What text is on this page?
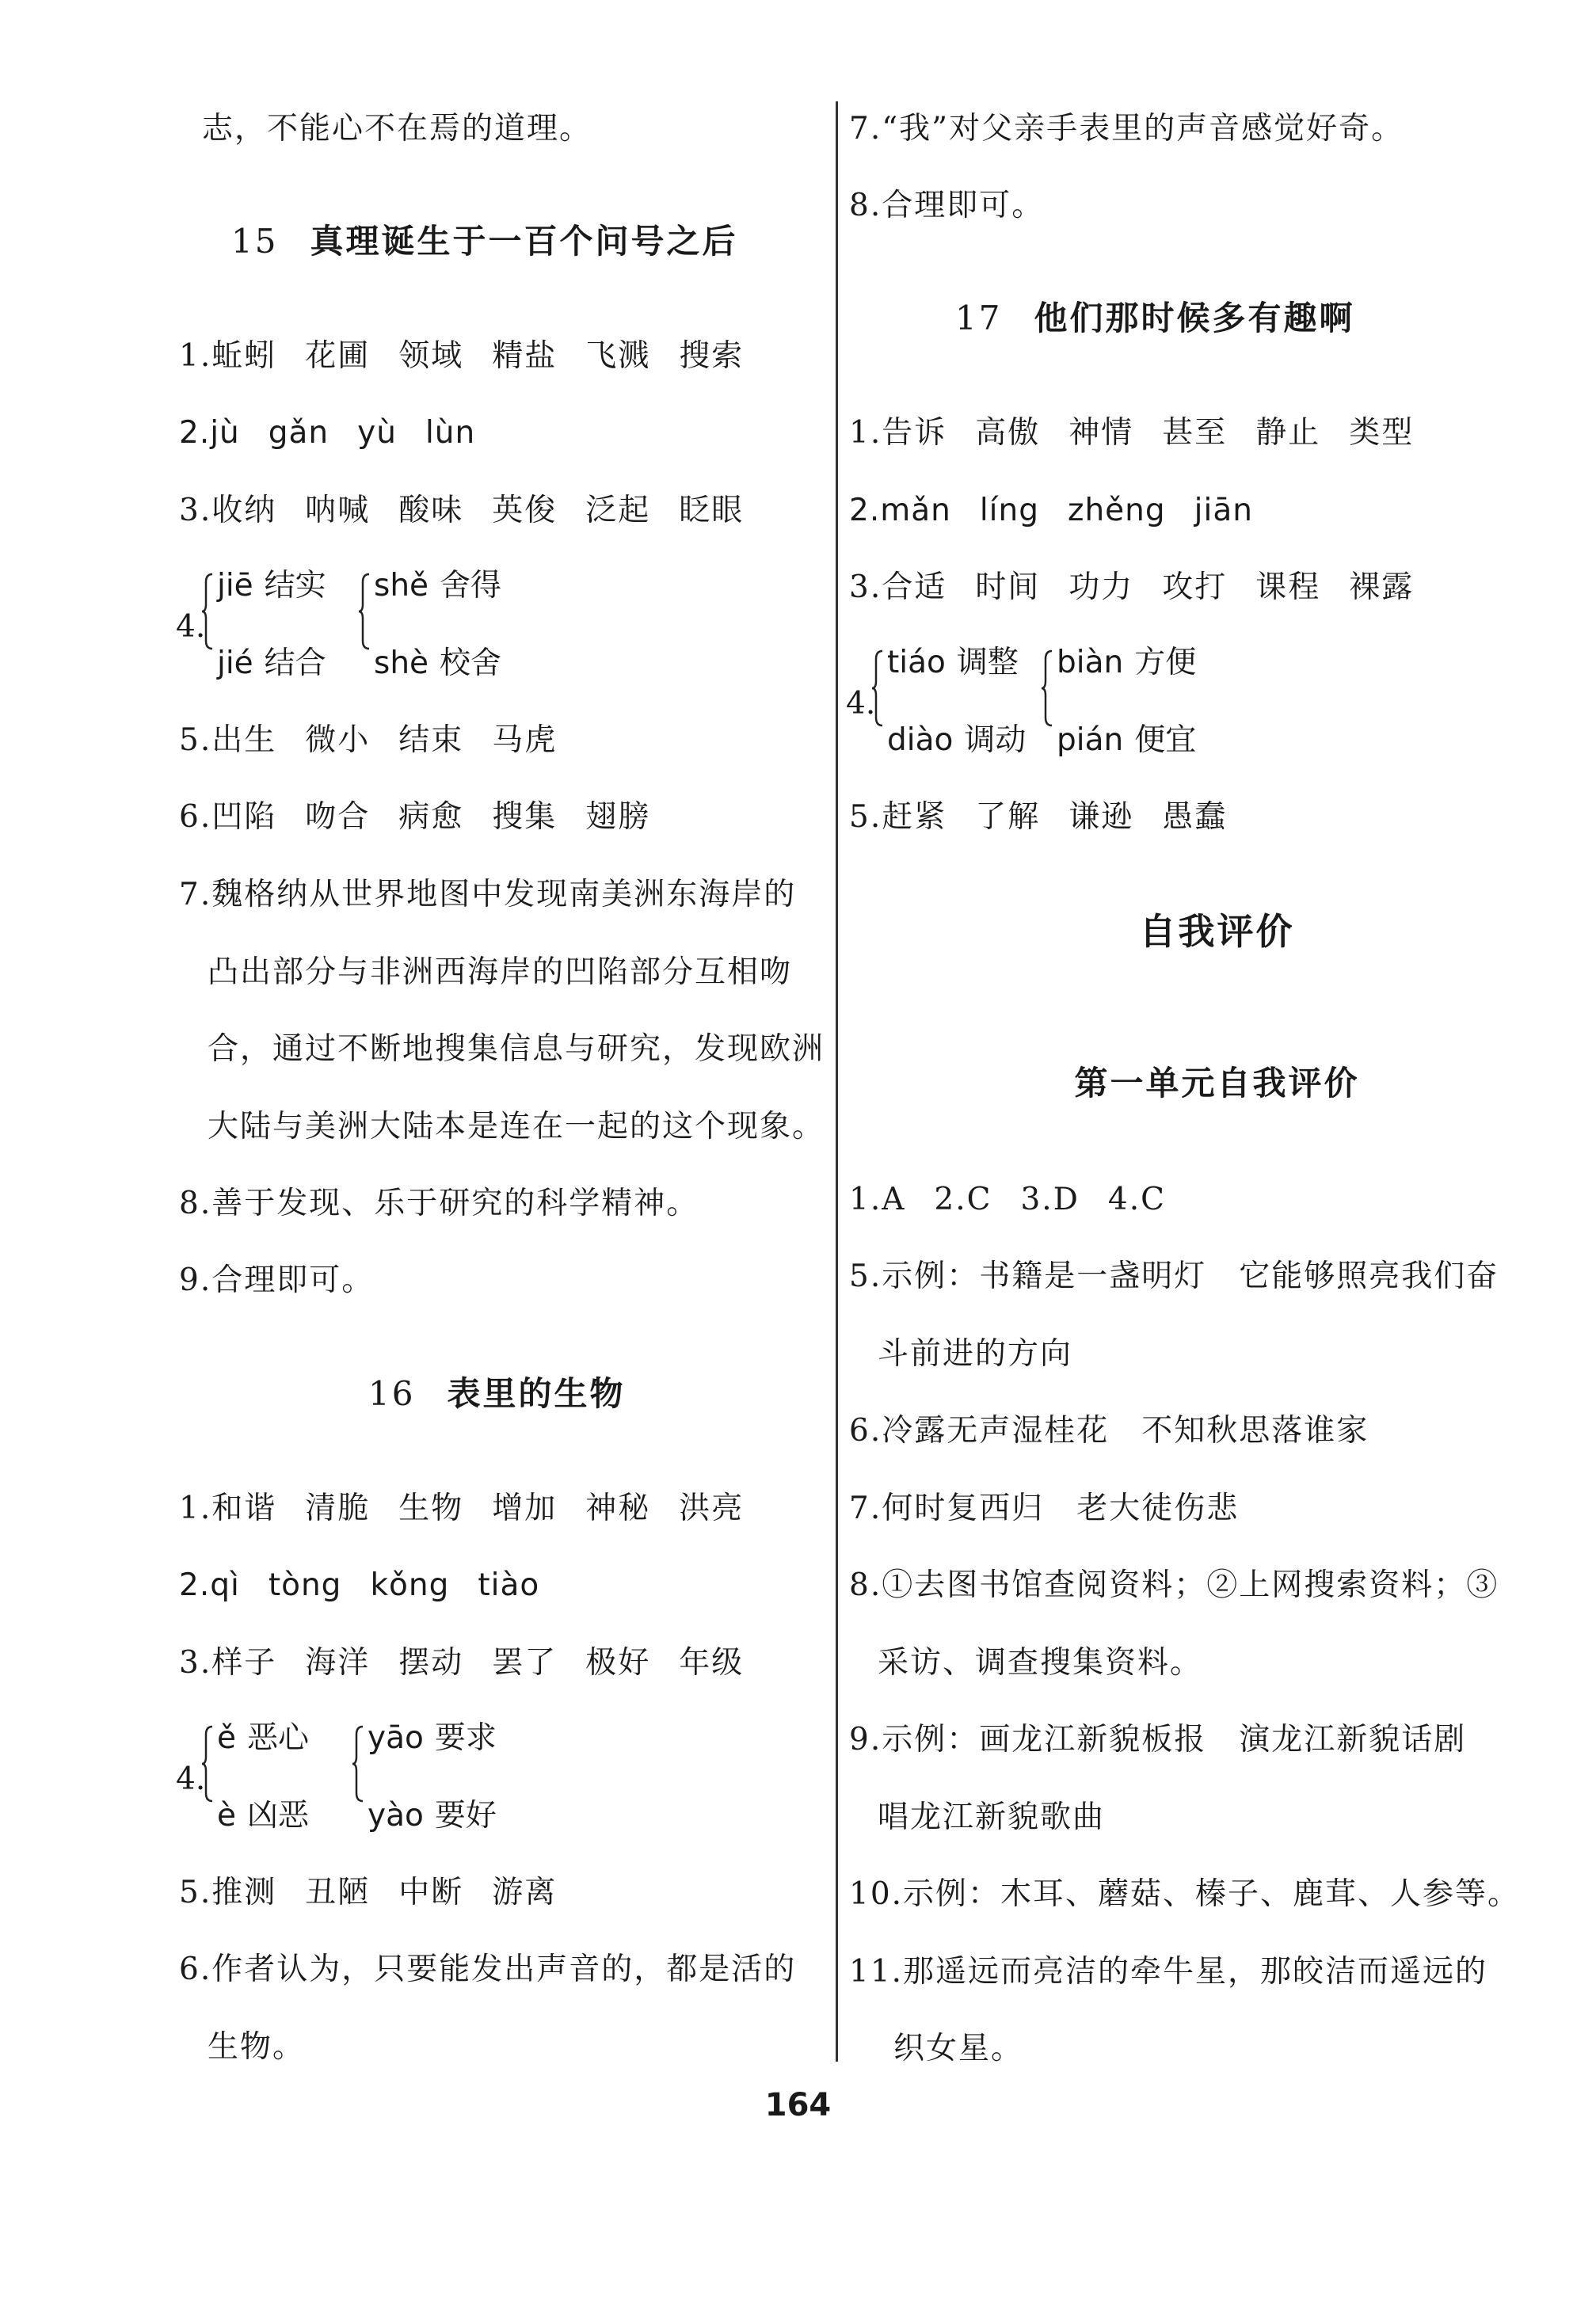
志，不能心不在焉的道理。
15 真理诞生于一百个问号之后
1.蚯蚓 花圃 领域 精盐 飞溅 搜索
2.jù gǎn yù lùn
3.收纳 呐喊 酸味 英俊 泛起 眨眼
4.
jiē 结实
jié 结合
shě 舍得
shè 校舍
5.出生 微小 结束 马虎
6.凹陷 吻合 病愈 搜集 翅膀
7.魏格纳从世界地图中发现南美洲东海岸的
凸出部分与非洲西海岸的凹陷部分互相吻
合，通过不断地搜集信息与研究，发现欧洲
大陆与美洲大陆本是连在一起的这个现象。
8.善于发现、乐于研究的科学精神。
9.合理即可。
16 表里的生物
1.和谐 清脆 生物 增加 神秘 洪亮
2.qì tòng kǒng tiào
3.样子 海洋 摆动 罢了 极好 年级
4.
ě 恶心
è 凶恶
yāo 要求
yào 要好
5.推测 丑陋 中断 游离
6.作者认为，只要能发出声音的，都是活的
生物。
7.“我”对父亲手表里的声音感觉好奇。
8.合理即可。
17 他们那时候多有趣啊
1.告诉 高傲 神情 甚至 静止 类型
2.mǎn líng zhěng jiān
3.合适 时间 功力 攻打 课程 裸露
4.
tiáo 调整
diào 调动
biàn 方便
pián 便宜
5.赶紧 了解 谦逊 愚蠢
自我评价
第一单元自我评价
1.A 2.C 3.D 4.C
5.示例：书籍是一盏明灯　它能够照亮我们奋
斗前进的方向
6.冷露无声湿桂花　不知秋思落谁家
7.何时复西归　老大徒伤悲
8.①去图书馆查阅资料；②上网搜索资料；③
采访、调查搜集资料。
9.示例：画龙江新貌板报　演龙江新貌话剧
唱龙江新貌歌曲
10.示例：木耳、蘑菇、榛子、鹿茸、人参等。
11.那遥远而亮洁的牵牛星，那皎洁而遥远的
织女星。
164
